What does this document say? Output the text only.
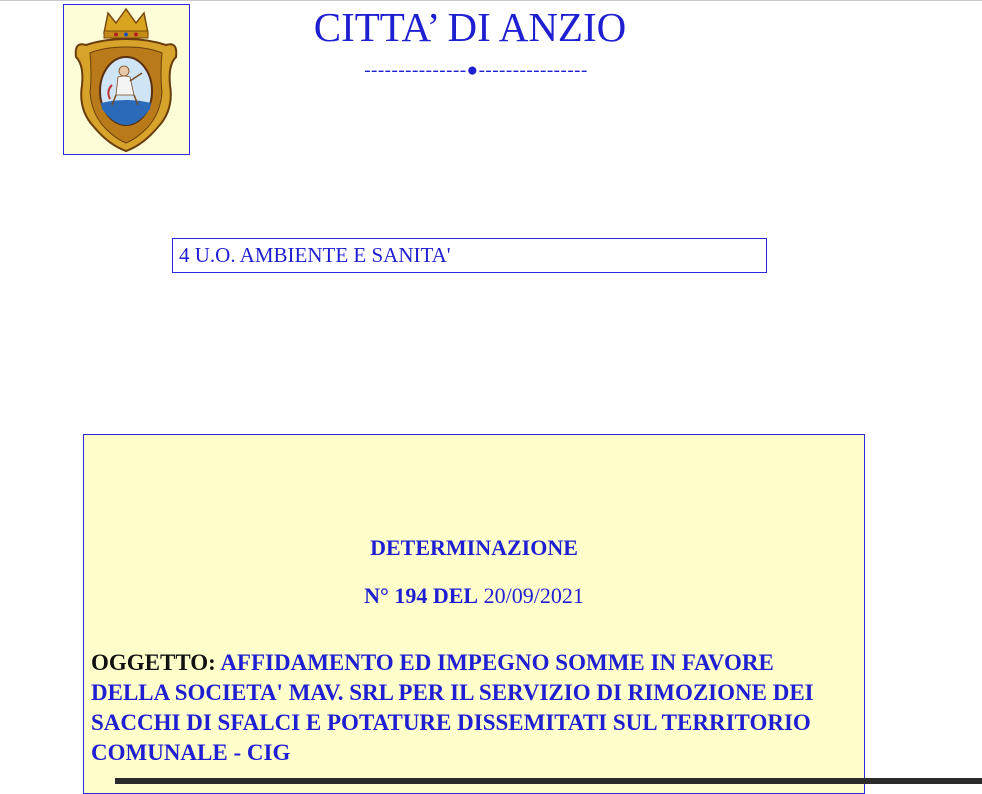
CITTA’ DI ANZIO
---------------●----------------
4 U.O. AMBIENTE E SANITA'
DETERMINAZIONE
N° 194 DEL 20/09/2021
OGGETTO: AFFIDAMENTO ED IMPEGNO SOMME IN FAVORE DELLA SOCIETA' MAV. SRL PER IL SERVIZIO DI RIMOZIONE DEI SACCHI DI SFALCI E POTATURE DISSEMITATI SUL TERRITORIO COMUNALE - CIG
